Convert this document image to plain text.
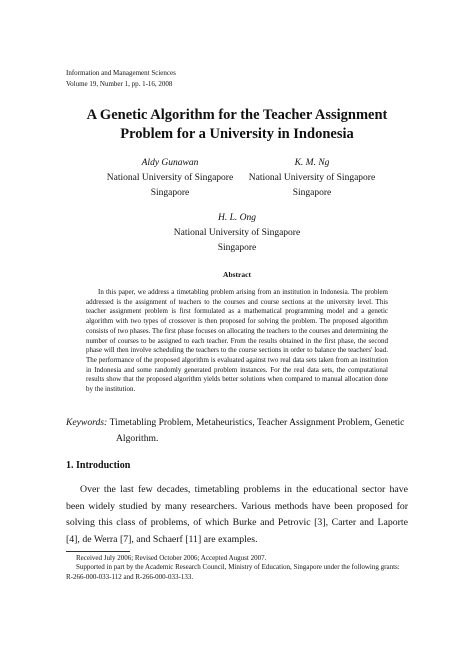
Information and Management Sciences
Volume 19, Number 1, pp. 1-16, 2008
A Genetic Algorithm for the Teacher Assignment
Problem for a University in Indonesia
Aldy Gunawan
National University of Singapore
Singapore
K. M. Ng
National University of Singapore
Singapore
H. L. Ong
National University of Singapore
Singapore
Abstract
In this paper, we address a timetabling problem arising from an institution in Indonesia. The problem addressed is the assignment of teachers to the courses and course sections at the university level. This teacher assignment problem is first formulated as a mathematical programming model and a genetic algorithm with two types of crossover is then proposed for solving the problem. The proposed algorithm consists of two phases. The first phase focuses on allocating the teachers to the courses and determining the number of courses to be assigned to each teacher. From the results obtained in the first phase, the second phase will then involve scheduling the teachers to the course sections in order to balance the teachers' load. The performance of the proposed algorithm is evaluated against two real data sets taken from an institution in Indonesia and some randomly generated problem instances. For the real data sets, the computational results show that the proposed algorithm yields better solutions when compared to manual allocation done by the institution.
Keywords: Timetabling Problem, Metaheuristics, Teacher Assignment Problem, Genetic Algorithm.
1. Introduction
Over the last few decades, timetabling problems in the educational sector have been widely studied by many researchers. Various methods have been proposed for solving this class of problems, of which Burke and Petrovic [3], Carter and Laporte [4], de Werra [7], and Schaerf [11] are examples.
Received July 2006; Revised October 2006; Accepted August 2007.
Supported in part by the Academic Research Council, Ministry of Education, Singapore under the following grants: R-266-000-033-112 and R-266-000-033-133.
